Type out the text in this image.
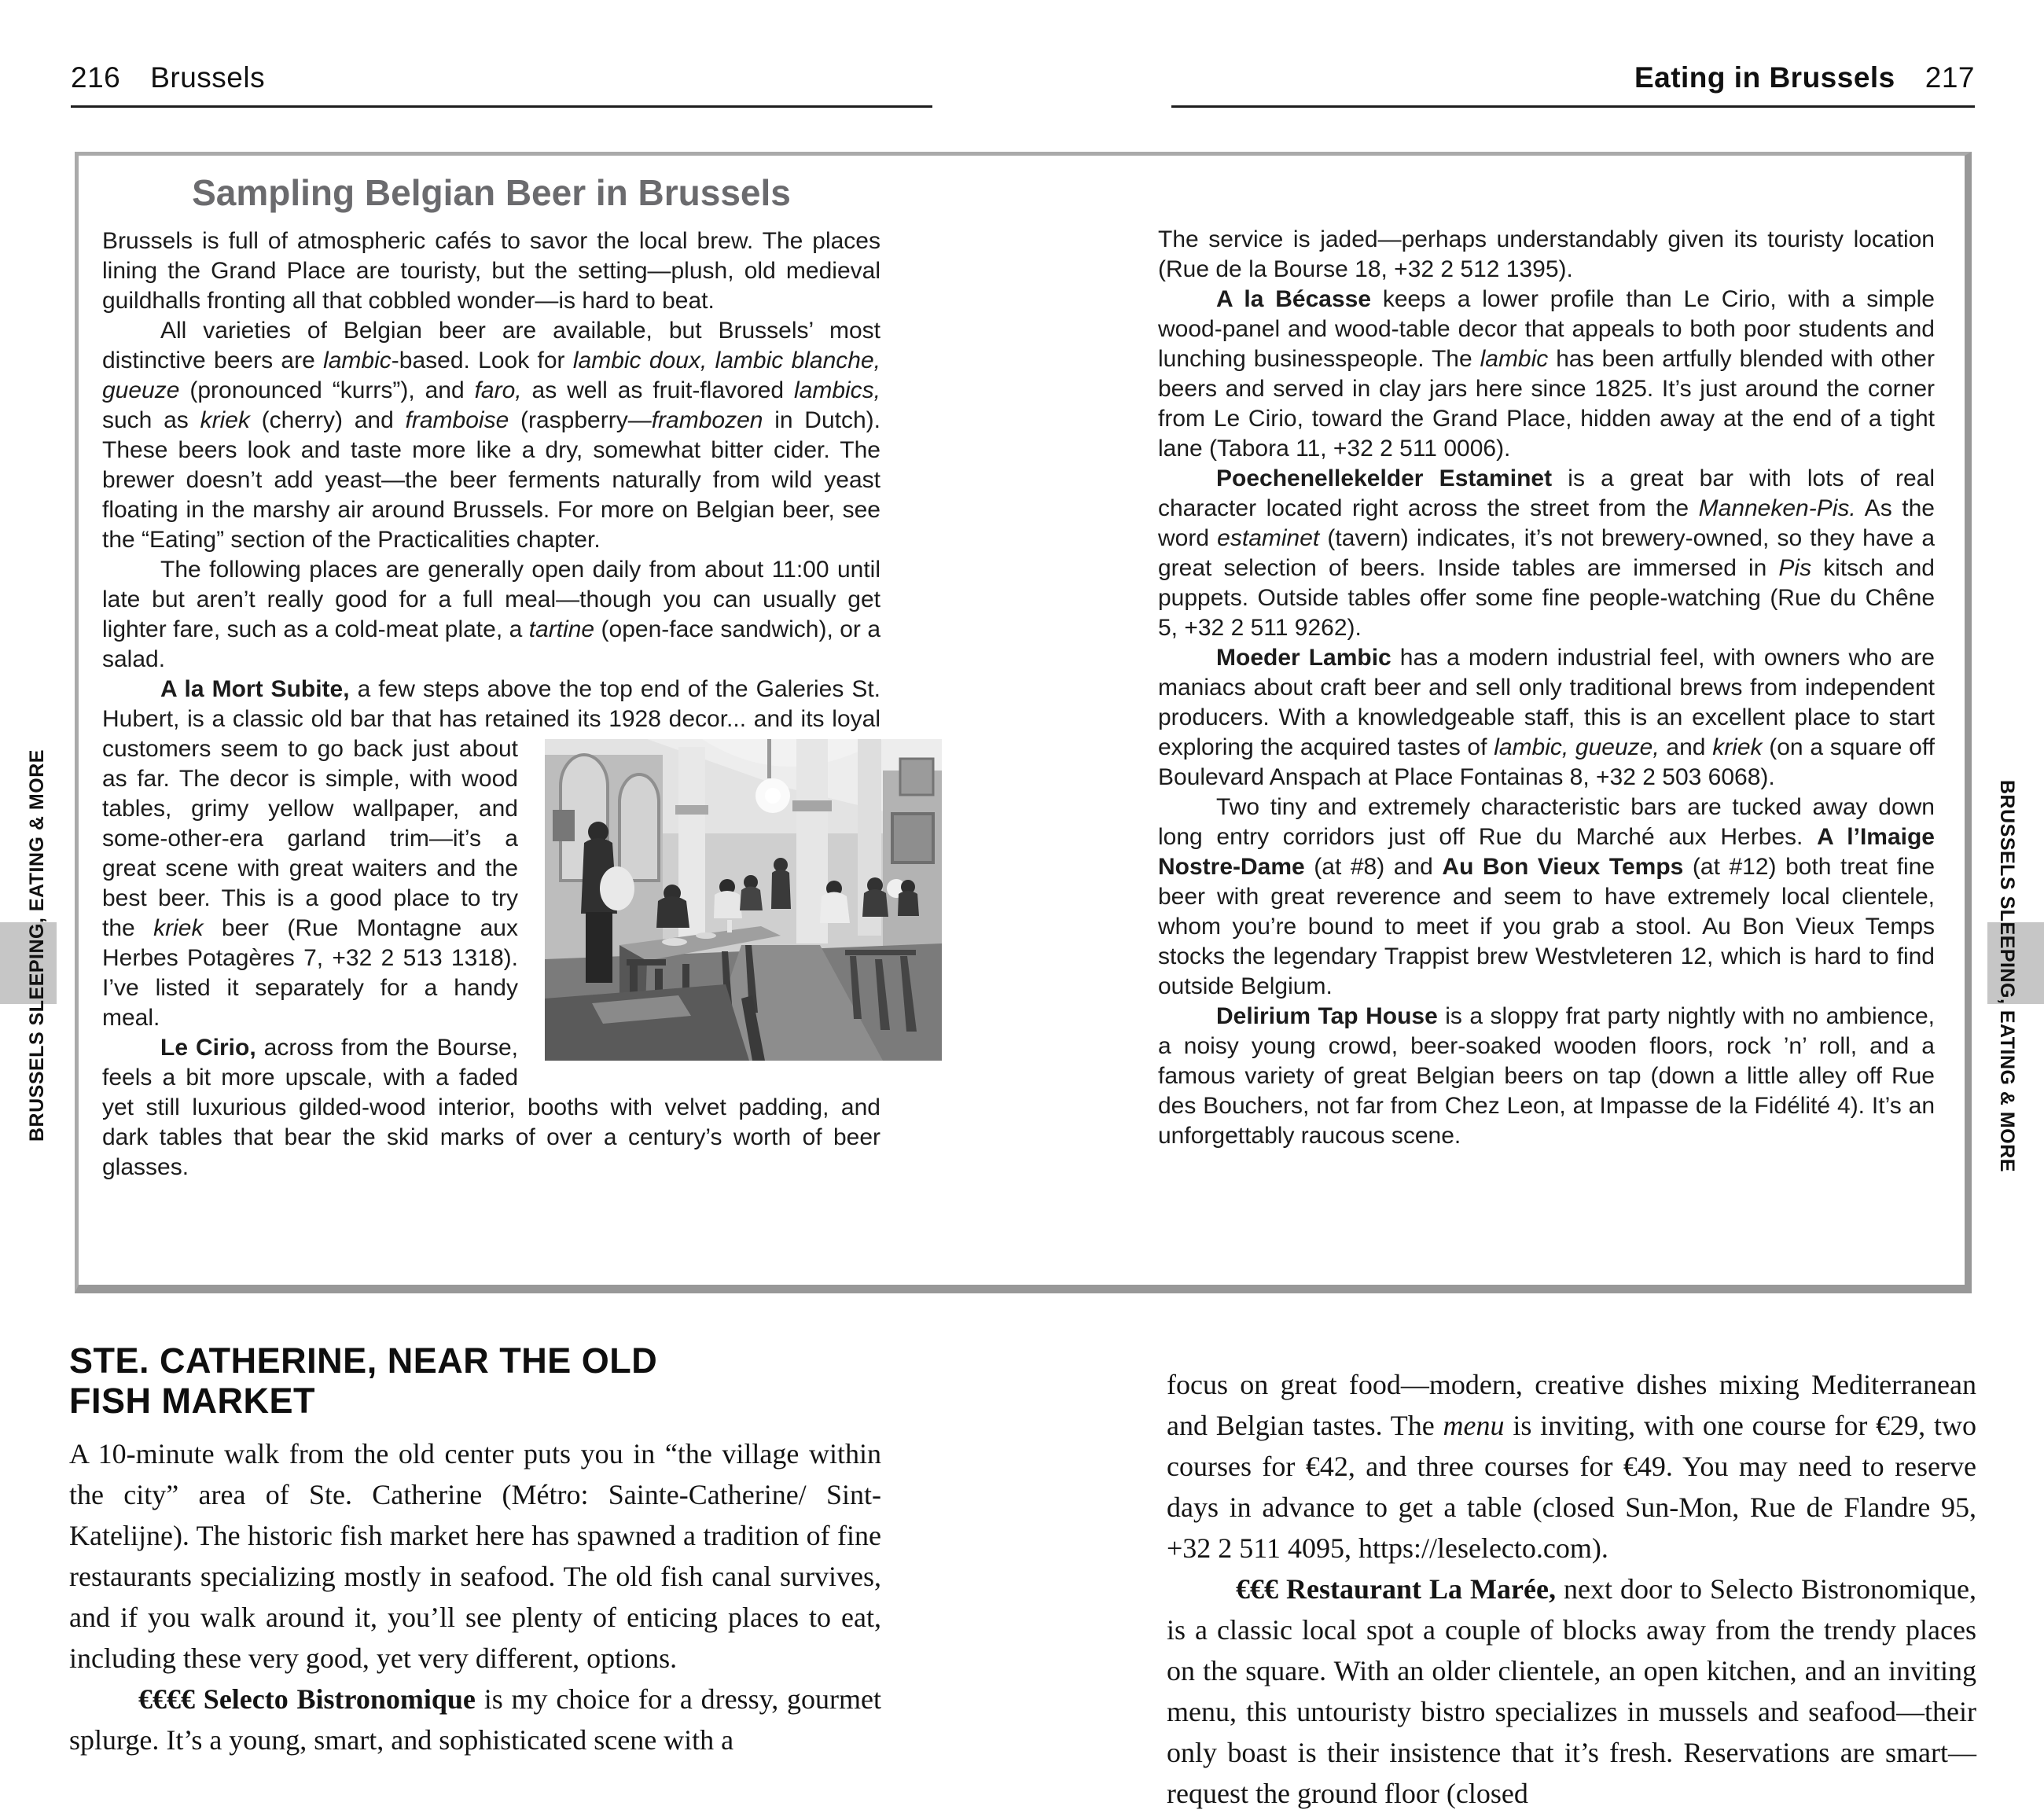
216 Brussels	Eating in Brussels 217
Sampling Belgian Beer in Brussels

Brussels is full of atmospheric cafés to savor the local brew. The places lining the Grand Place are touristy, but the setting—plush, old medieval guildhalls fronting all that cobbled wonder—is hard to beat.

All varieties of Belgian beer are available, but Brussels’ most distinctive beers are lambic-based. Look for lambic doux, lambic blanche, gueuze (pronounced “kurrs”), and faro, as well as fruit-flavored lambics, such as kriek (cherry) and framboise (raspberry—frambozen in Dutch). These beers look and taste more like a dry, somewhat bitter cider. The brewer doesn’t add yeast—the beer ferments naturally from wild yeast floating in the marshy air around Brussels. For more on Belgian beer, see the “Eating” section of the Practicalities chapter.

The following places are generally open daily from about 11:00 until late but aren’t really good for a full meal—though you can usually get lighter fare, such as a cold-meat plate, a tartine (open-face sandwich), or a salad.

A la Mort Subite, a few steps above the top end of the Galeries St. Hubert, is a classic old bar that has retained its 1928 decor... and its loyal customers seem to go back just about as far. The decor is simple, with wood tables, grimy yellow wallpaper, and some-other-era garland trim—it’s a great scene with great waiters and the best beer. This is a good place to try the kriek beer (Rue Montagne aux Herbes Potagères 7, +32 2 513 1318). I’ve listed it separately for a handy meal.

Le Cirio, across from the Bourse, feels a bit more upscale, with a faded yet still luxurious gilded-wood interior, booths with velvet padding, and dark tables that bear the skid marks of over a century’s worth of beer glasses.

The service is jaded—perhaps understandably given its touristy location (Rue de la Bourse 18, +32 2 512 1395).

A la Bécasse keeps a lower profile than Le Cirio, with a simple wood-panel and wood-table decor that appeals to both poor students and lunching businesspeople. The lambic has been artfully blended with other beers and served in clay jars here since 1825. It’s just around the corner from Le Cirio, toward the Grand Place, hidden away at the end of a tight lane (Tabora 11, +32 2 511 0006).

Poechenellekelder Estaminet is a great bar with lots of real character located right across the street from the Manneken-Pis. As the word estaminet (tavern) indicates, it’s not brewery-owned, so they have a great selection of beers. Inside tables are immersed in Pis kitsch and puppets. Outside tables offer some fine people-watching (Rue du Chêne 5, +32 2 511 9262).

Moeder Lambic has a modern industrial feel, with owners who are maniacs about craft beer and sell only traditional brews from independent producers. With a knowledgeable staff, this is an excellent place to start exploring the acquired tastes of lambic, gueuze, and kriek (on a square off Boulevard Anspach at Place Fontainas 8, +32 2 503 6068).

Two tiny and extremely characteristic bars are tucked away down long entry corridors just off Rue du Marché aux Herbes. A l’Imaige Nostre-Dame (at #8) and Au Bon Vieux Temps (at #12) both treat fine beer with great reverence and seem to have extremely local clientele, whom you’re bound to meet if you grab a stool. Au Bon Vieux Temps stocks the legendary Trappist brew Westvleteren 12, which is hard to find outside Belgium.

Delirium Tap House is a sloppy frat party nightly with no ambience, a noisy young crowd, beer-soaked wooden floors, rock ’n’ roll, and a famous variety of great Belgian beers on tap (down a little alley off Rue des Bouchers, not far from Chez Leon, at Impasse de la Fidélité 4). It’s an unforgettably raucous scene.

BRUSSELS SLEEPING, EATING & MORE	BRUSSELS SLEEPING, EATING & MORE
STE. CATHERINE, NEAR THE OLD
FISH MARKET

A 10-minute walk from the old center puts you in “the village within the city” area of Ste. Catherine (Métro: Sainte-Catherine/ Sint-Katelijne). The historic fish market here has spawned a tradition of fine restaurants specializing mostly in seafood. The old fish canal survives, and if you walk around it, you’ll see plenty of enticing places to eat, including these very good, yet very different, options.

€€€€ Selecto Bistronomique is my choice for a dressy, gourmet splurge. It’s a young, smart, and sophisticated scene with a

focus on great food—modern, creative dishes mixing Mediterranean and Belgian tastes. The menu is inviting, with one course for €29, two courses for €42, and three courses for €49. You may need to reserve days in advance to get a table (closed Sun-Mon, Rue de Flandre 95, +32 2 511 4095, https://leselecto.com).

€€€ Restaurant La Marée, next door to Selecto Bistronomique, is a classic local spot a couple of blocks away from the trendy places on the square. With an older clientele, an open kitchen, and an inviting menu, this untouristy bistro specializes in mussels and seafood—their only boast is their insistence that it’s fresh. Reservations are smart—request the ground floor (closed
